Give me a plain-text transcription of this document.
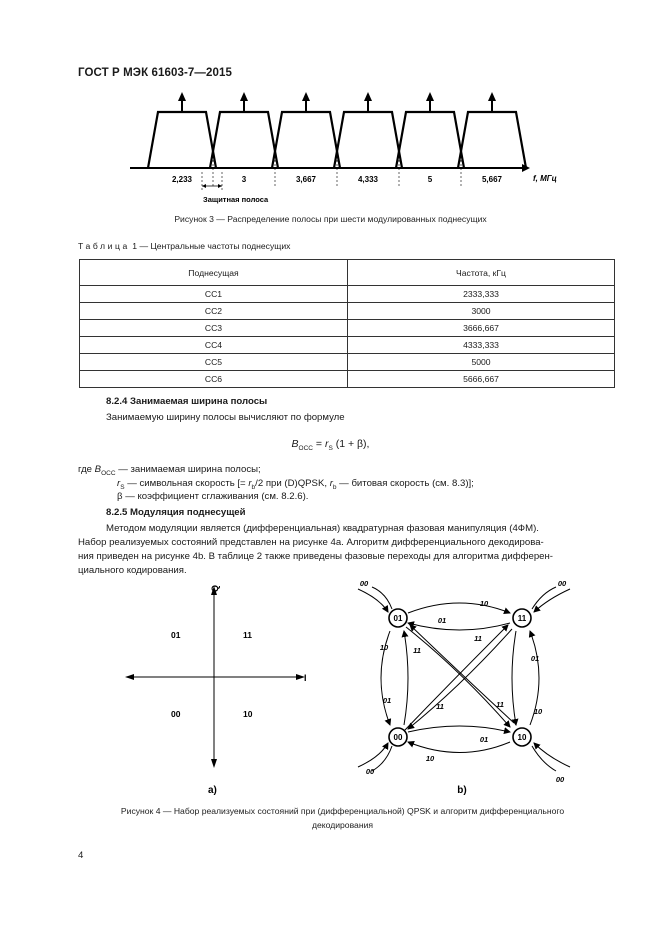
ГОСТ Р МЭК 61603-7—2015
2,233	3	3,667	4,333	5	5,667
Защитная полоса
f, МГц
Рисунок 3 — Распределение полосы при шести модулированных поднесущих
Таблица 1 — Центральные частоты поднесущих
Поднесущая	Частота, кГц
СС1	2333,333
СС2	3000
СС3	3666,667
СС4	4333,333
СС5	5000
СС6	5666,667
8.2.4 Занимаемая ширина полосы
Занимаемую ширину полосы вычисляют по формуле
$B_{OCC} = r_S$ (1 + β),
где $B_{OCC}$ — занимаемая ширина полосы;
$r_S$ — символьная скорость [= $r_b/2$ при (D)QPSK, $r_b$ — битовая скорость (см. 8.3)];
β — коэффициент сглаживания (см. 8.2.6).
8.2.5 Модуляция поднесущей
Методом модуляции является (дифференциальная) квадратурная фазовая манипуляция (4ФМ).
Набор реализуемых состояний представлен на рисунке 4а. Алгоритм дифференциального декодирова-
ния приведен на рисунке 4b. В таблице 2 также приведены фазовые переходы для алгоритма дифферен-
циального кодирования.
Q
I
01	11
00	10
a)
01	11
00	10
00	00
00
00
10
01
10
01
11
11
11	11
01
10
10
01
b)
Рисунок 4 — Набор реализуемых состояний при (дифференциальной) QPSK и алгоритм дифференциального
декодирования
4
